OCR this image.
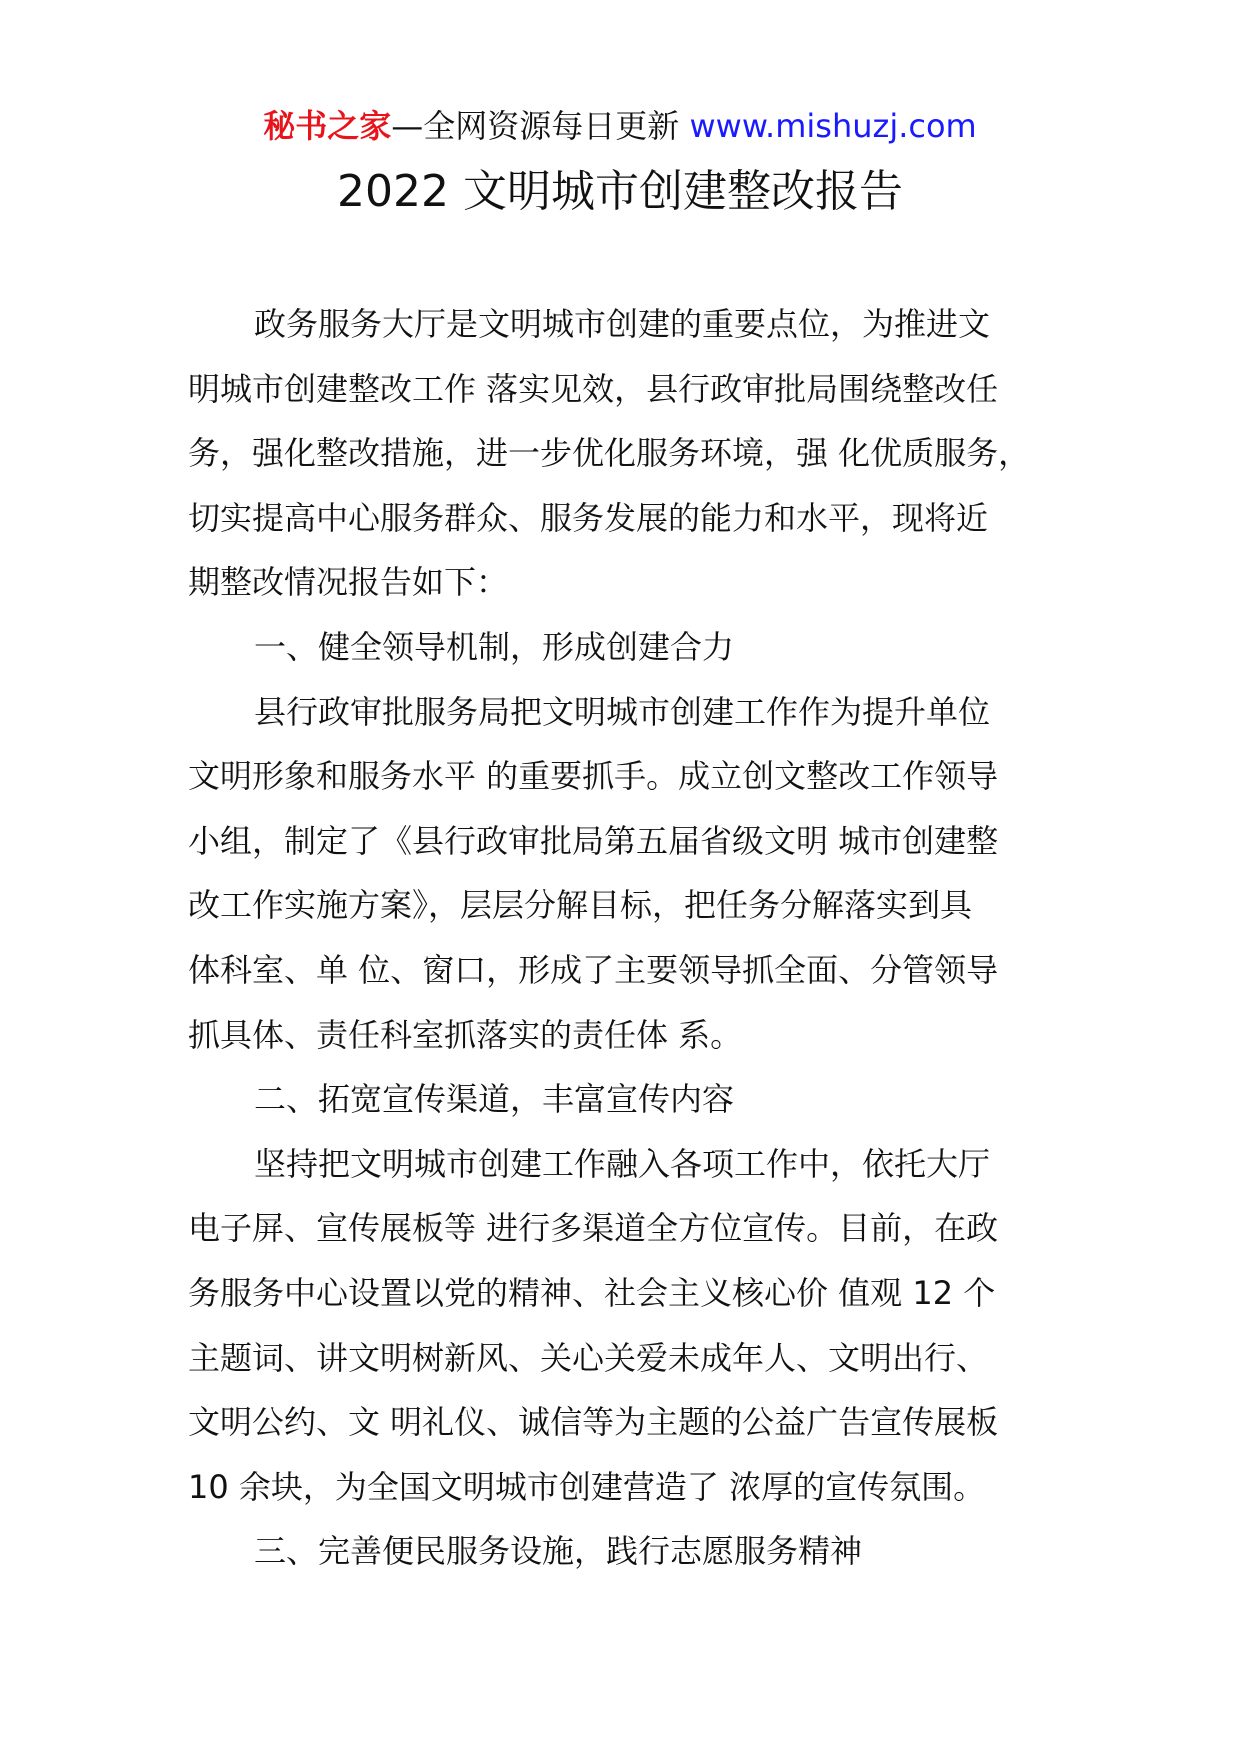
秘书之家—全网资源每日更新 www.mishuzj.com
2022 文明城市创建整改报告
政务服务大厅是文明城市创建的重要点位，为推进文
明城市创建整改工作 落实见效，县行政审批局围绕整改任
务，强化整改措施，进一步优化服务环境，强 化优质服务，
切实提高中心服务群众、服务发展的能力和水平，现将近
期整改情况报告如下：
一、健全领导机制，形成创建合力
县行政审批服务局把文明城市创建工作作为提升单位
文明形象和服务水平 的重要抓手。成立创文整改工作领导
小组，制定了《县行政审批局第五届省级文明 城市创建整
改工作实施方案》，层层分解目标，把任务分解落实到具
体科室、单 位、窗口，形成了主要领导抓全面、分管领导
抓具体、责任科室抓落实的责任体 系。
二、拓宽宣传渠道，丰富宣传内容
坚持把文明城市创建工作融入各项工作中，依托大厅
电子屏、宣传展板等 进行多渠道全方位宣传。目前，在政
务服务中心设置以党的精神、社会主义核心价 值观 12 个
主题词、讲文明树新风、关心关爱未成年人、文明出行、
文明公约、文 明礼仪、诚信等为主题的公益广告宣传展板
10 余块，为全国文明城市创建营造了 浓厚的宣传氛围。
三、完善便民服务设施，践行志愿服务精神
